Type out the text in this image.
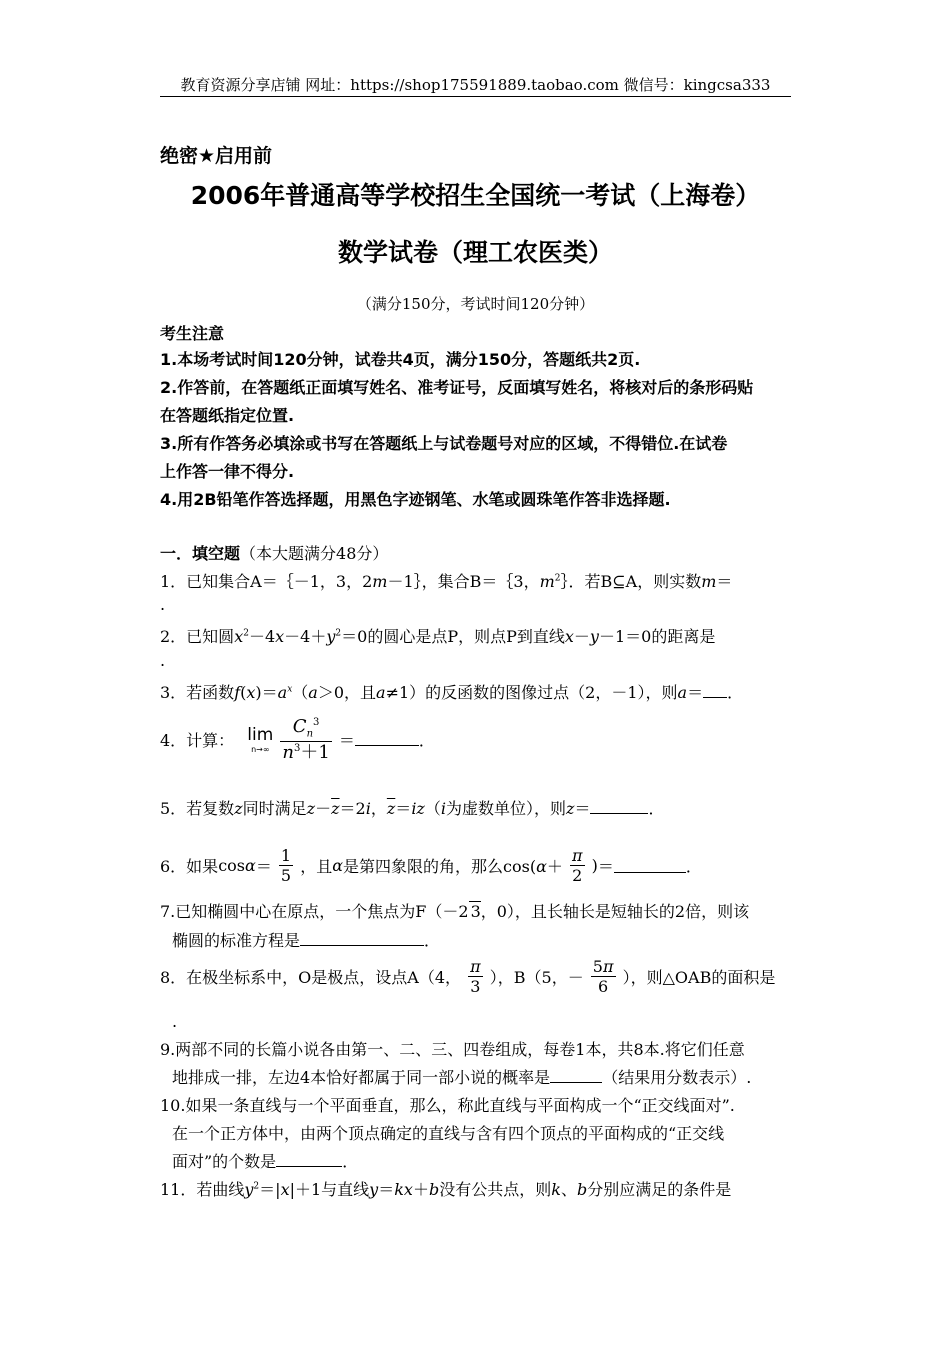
教育资源分享店铺 网址：https://shop175591889.taobao.com 微信号：kingcsa333
绝密★启用前
2006年普通高等学校招生全国统一考试（上海卷）
数学试卷（理工农医类）
（满分150分，考试时间120分钟）
考生注意
1.本场考试时间120分钟，试卷共4页，满分150分，答题纸共2页.
2.作答前，在答题纸正面填写姓名、准考证号，反面填写姓名，将核对后的条形码贴
在答题纸指定位置.
3.所有作答务必填涂或书写在答题纸上与试卷题号对应的区域，不得错位.在试卷
上作答一律不得分.
4.用2B铅笔作答选择题，用黑色字迹钢笔、水笔或圆珠笔作答非选择题.
一．填空题（本大题满分48分）
1．已知集合A＝｛－1，3，2m－1｝，集合B＝｛3，$m^2\}$．若B⊆A，则实数m＝
.
2．已知圆$x^2-4x-4+y^2=0$的圆心是点P，则点P到直线x－y－1＝0的距离是
.
3．若函数$f(x)=a^x(a>0$，且a≠1）的反函数的图像过点（2，－1），则a＝ ．
4．计算： lim
n→∞
$\frac{C_n^3}{n^3+1}$ ＝	．
5．若复数z同时满足$z-\overline{z}=2i$，$\overline{z}=iz(i$为虚数单位），则z＝	．
6．如果$\cos\alpha= \frac{1}{5}$ ，且α是第四象限的角，那么$\cos(\alpha+ \frac{\pi}{2}$ )＝	．
7.已知椭圆中心在原点，一个焦点为F（－2 3，0），且长轴长是短轴长的2倍，则该
椭圆的标准方程是	．
8．在极坐标系中，O是极点，设点A（4， $\frac{\pi}{3}$ ），B（5，－ $\frac{5\pi}{6}$ ），则△OAB的面积是
.
9.两部不同的长篇小说各由第一、二、三、四卷组成，每卷1本，共8本.将它们任意
地排成一排，左边4本恰好都属于同一部小说的概率是	（结果用分数表示）.
10.如果一条直线与一个平面垂直，那么，称此直线与平面构成一个“正交线面对”.
在一个正方体中，由两个顶点确定的直线与含有四个顶点的平面构成的“正交线
面对”的个数是	．
11．若曲线$y^2=|x|+1$与直线y＝kx＋b没有公共点，则k、b分别应满足的条件是
